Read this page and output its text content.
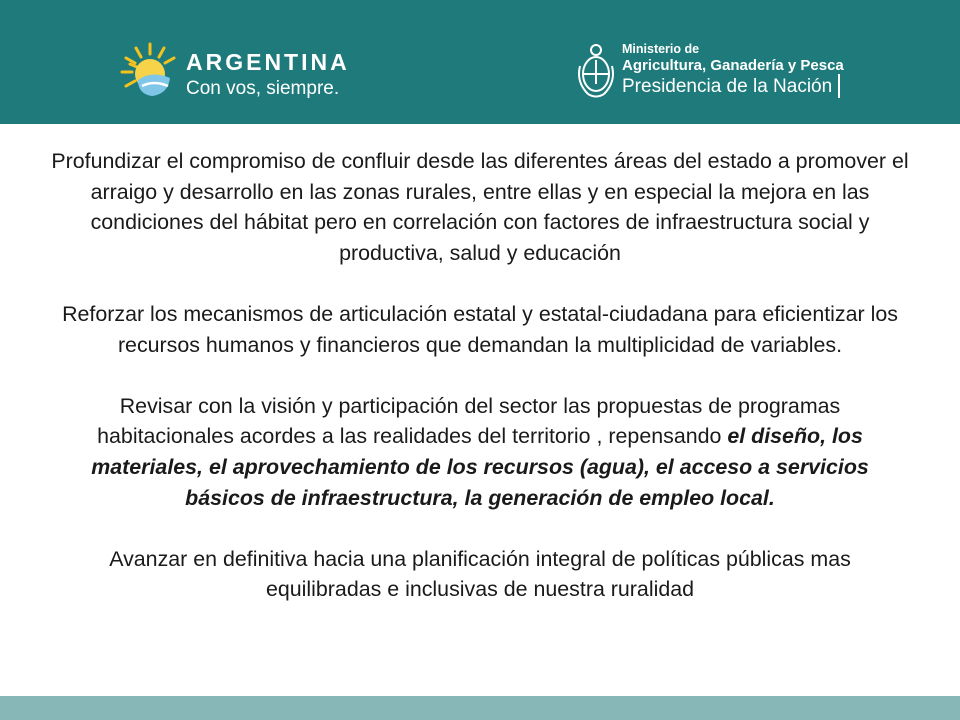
ARGENTINA
Con vos, siempre.
Ministerio de
Agricultura, Ganadería y Pesca
Presidencia de la Nación

Profundizar el compromiso de confluir desde las diferentes áreas del estado a promover el arraigo y desarrollo en las zonas rurales, entre ellas y en especial la mejora en las condiciones del hábitat pero en correlación con factores de infraestructura social y productiva, salud y educación

Reforzar los mecanismos de articulación estatal y estatal-ciudadana para eficientizar los recursos humanos y financieros que demandan la multiplicidad de variables.

Revisar con la visión y participación del sector las propuestas de programas habitacionales acordes a las realidades del territorio , repensando el diseño, los materiales, el aprovechamiento de los recursos (agua), el acceso a servicios básicos de infraestructura, la generación de empleo local.

Avanzar en definitiva hacia una planificación integral de políticas públicas mas equilibradas e inclusivas de nuestra ruralidad
